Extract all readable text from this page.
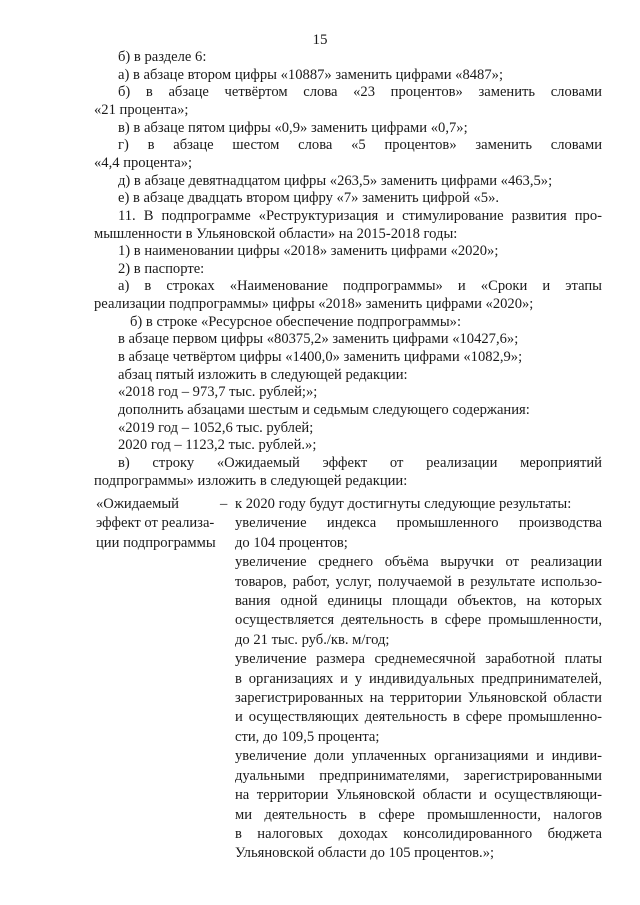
15
б) в разделе 6:
а) в абзаце втором цифры «10887» заменить цифрами «8487»;
б) в абзаце четвёртом слова «23 процентов» заменить словами
«21 процента»;
в) в абзаце пятом цифры «0,9» заменить цифрами «0,7»;
г) в абзаце шестом слова «5 процентов» заменить словами
«4,4 процента»;
д) в абзаце девятнадцатом цифры «263,5» заменить цифрами «463,5»;
е) в абзаце двадцать втором цифру «7» заменить цифрой «5».
11. В подпрограмме «Реструктуризация и стимулирование развития про-
мышленности в Ульяновской области» на 2015-2018 годы:
1) в наименовании цифры «2018» заменить цифрами «2020»;
2) в паспорте:
а) в строках «Наименование подпрограммы» и «Сроки и этапы
реализации подпрограммы» цифры «2018» заменить цифрами «2020»;
б) в строке «Ресурсное обеспечение подпрограммы»:
в абзаце первом цифры «80375,2» заменить цифрами «10427,6»;
в абзаце четвёртом цифры «1400,0» заменить цифрами «1082,9»;
абзац пятый изложить в следующей редакции:
«2018 год – 973,7 тыс. рублей;»;
дополнить абзацами шестым и седьмым следующего содержания:
«2019 год – 1052,6 тыс. рублей;
2020 год – 1123,2 тыс. рублей.»;
в) строку «Ожидаемый эффект от реализации мероприятий
подпрограммы» изложить в следующей редакции:
«Ожидаемый
эффект от реализа-
ции подпрограммы
– к 2020 году будут достигнуты следующие результаты:
увеличение индекса промышленного производства
до 104 процентов;
увеличение среднего объёма выручки от реализации
товаров, работ, услуг, получаемой в результате использо-
вания одной единицы площади объектов, на которых
осуществляется деятельность в сфере промышленности,
до 21 тыс. руб./кв. м/год;
увеличение размера среднемесячной заработной платы
в организациях и у индивидуальных предпринимателей,
зарегистрированных на территории Ульяновской области
и осуществляющих деятельность в сфере промышленно-
сти, до 109,5 процента;
увеличение доли уплаченных организациями и индиви-
дуальными предпринимателями, зарегистрированными
на территории Ульяновской области и осуществляющи-
ми деятельность в сфере промышленности, налогов
в налоговых доходах консолидированного бюджета
Ульяновской области до 105 процентов.»;
